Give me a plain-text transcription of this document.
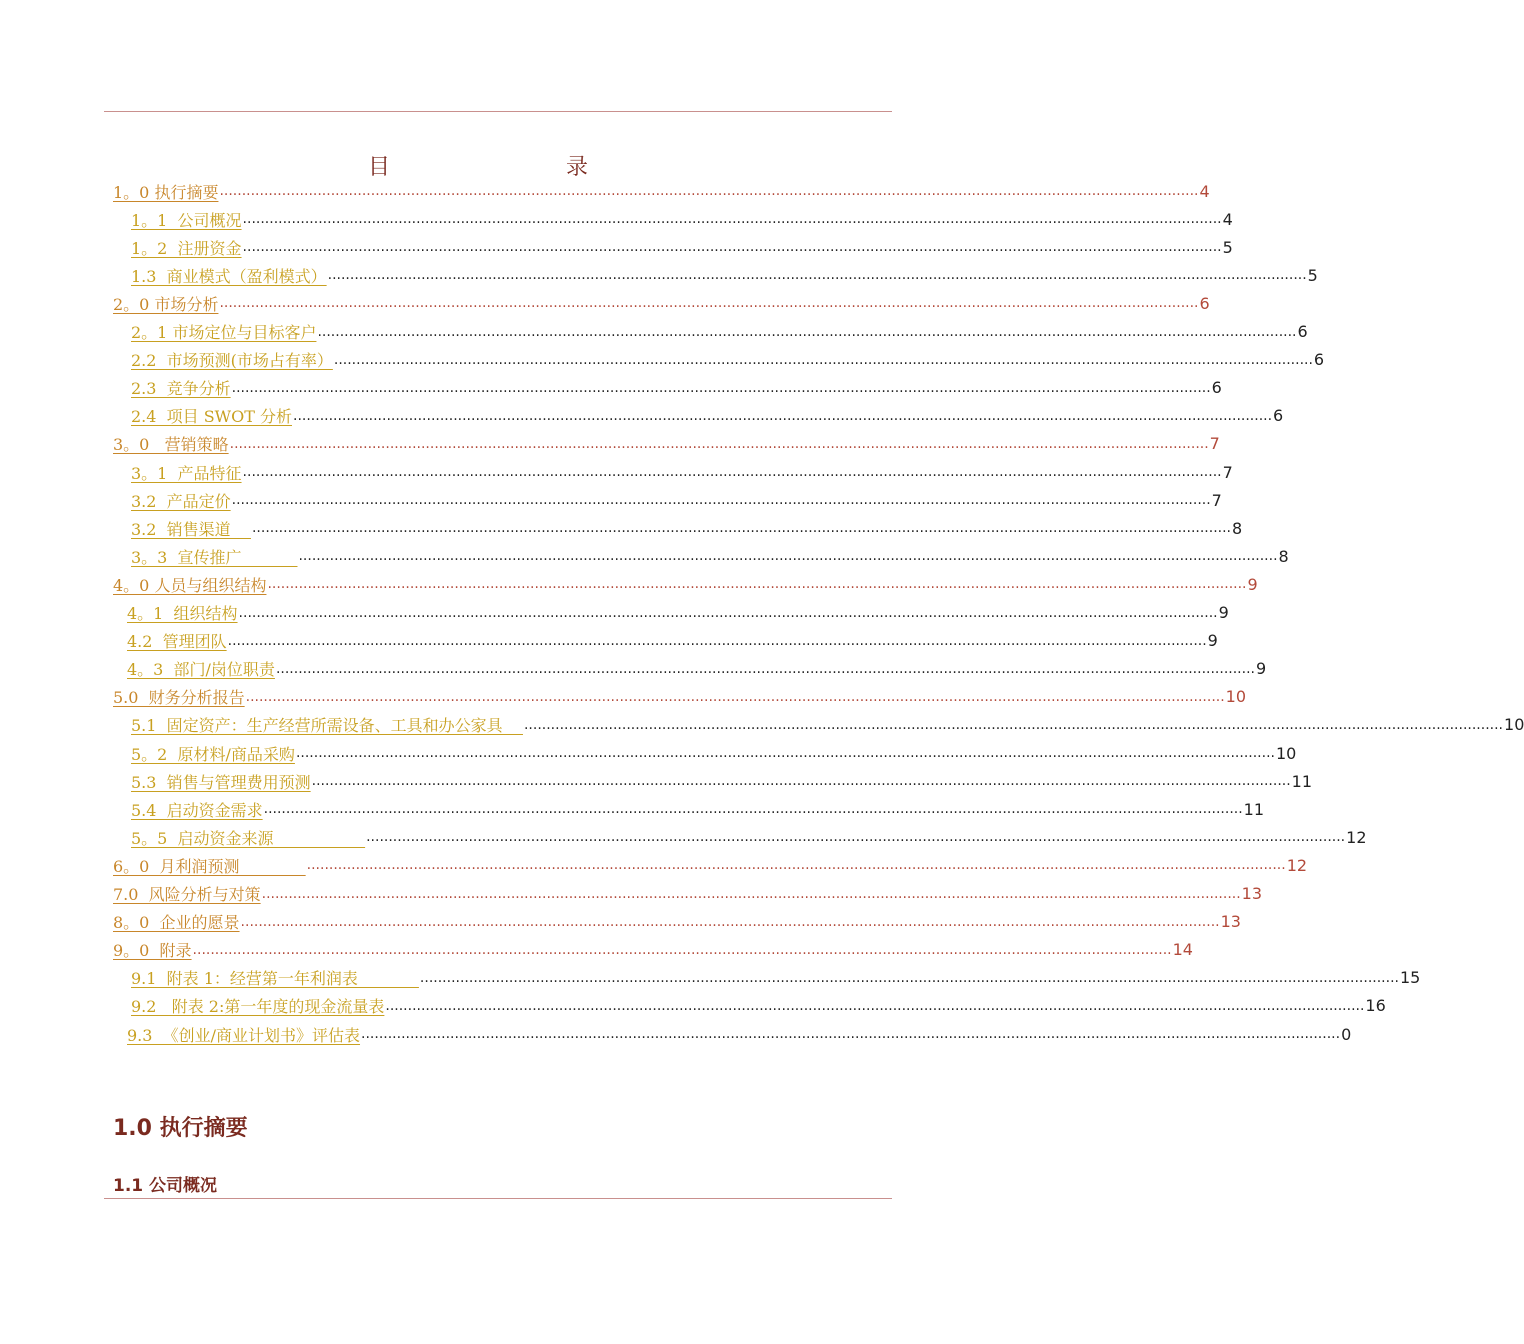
目　　录
1。0 执行摘要 ............................................................................................................................................................................................................................ 4
1。1  公司概况 ............................................................................................................................................................................................................................ 4
1。2  注册资金 ............................................................................................................................................................................................................................ 5
1.3  商业模式（盈利模式） ............................................................................................................................................................................................................................ 5
2。0 市场分析 ............................................................................................................................................................................................................................ 6
2。1 市场定位与目标客户 ............................................................................................................................................................................................................................ 6
2.2  市场预测(市场占有率） ............................................................................................................................................................................................................................ 6
2.3  竞争分析 ............................................................................................................................................................................................................................ 6
2.4  项目 SWOT 分析 ............................................................................................................................................................................................................................ 6
3。0   营销策略 ............................................................................................................................................................................................................................ 7
3。1  产品特征 ............................................................................................................................................................................................................................ 7
3.2  产品定价 ............................................................................................................................................................................................................................ 7
3.2  销售渠道 ............................................................................................................................................................................................................................ 8
3。3  宣传推广 ............................................................................................................................................................................................................................ 8
4。0 人员与组织结构 ............................................................................................................................................................................................................................ 9
4。1  组织结构 ............................................................................................................................................................................................................................ 9
4.2  管理团队 ............................................................................................................................................................................................................................ 9
4。3  部门/岗位职责 ............................................................................................................................................................................................................................ 9
5.0  财务分析报告 ............................................................................................................................................................................................................................ 10
5.1  固定资产：生产经营所需设备、工具和办公家具 ............................................................................................................................................................................................................................ 10
5。2  原材料/商品采购 ............................................................................................................................................................................................................................ 10
5.3  销售与管理费用预测 ............................................................................................................................................................................................................................ 11
5.4  启动资金需求 ............................................................................................................................................................................................................................ 11
5。5  启动资金来源 ............................................................................................................................................................................................................................ 12
6。0  月利润预测 ............................................................................................................................................................................................................................ 12
7.0  风险分析与对策 ............................................................................................................................................................................................................................ 13
8。0  企业的愿景 ............................................................................................................................................................................................................................ 13
9。0  附录 ............................................................................................................................................................................................................................ 14
9.1  附表 1：经营第一年利润表 ............................................................................................................................................................................................................................ 15
9.2   附表 2:第一年度的现金流量表 ............................................................................................................................................................................................................................ 16
9.3  《创业/商业计划书》评估表 ............................................................................................................................................................................................................................ 0
1.0 执行摘要
1.1 公司概况
